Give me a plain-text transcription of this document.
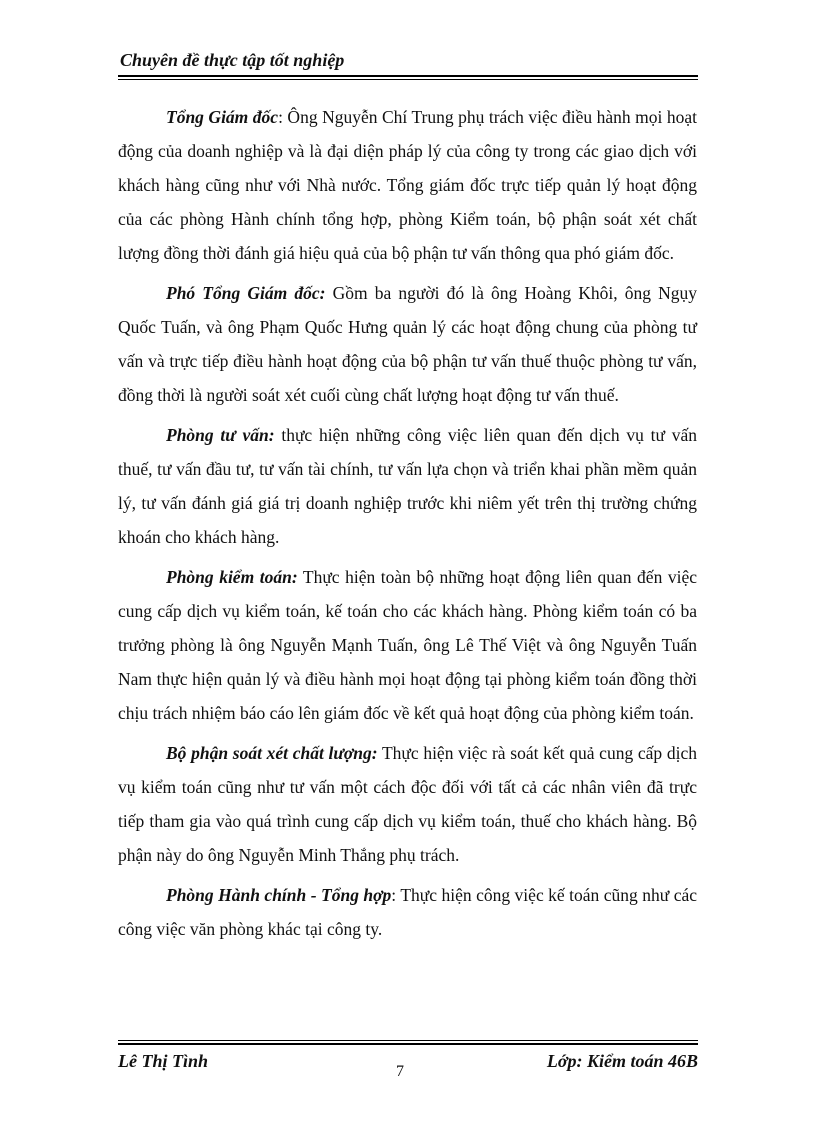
Chuyên đề thực tập tốt nghiệp

Tổng Giám đốc: Ông Nguyễn Chí Trung phụ trách việc điều hành mọi hoạt động của doanh nghiệp và là đại diện pháp lý của công ty trong các giao dịch với khách hàng cũng như với Nhà nước. Tổng giám đốc trực tiếp quản lý hoạt động của các phòng Hành chính tổng hợp, phòng Kiểm toán, bộ phận soát xét chất lượng đồng thời đánh giá hiệu quả của bộ phận tư vấn thông qua phó giám đốc.

Phó Tổng Giám đốc: Gồm ba người đó là ông Hoàng Khôi, ông Ngụy Quốc Tuấn, và ông Phạm Quốc Hưng quản lý các hoạt động chung của phòng tư vấn và trực tiếp điều hành hoạt động của bộ phận tư vấn thuế thuộc phòng tư vấn, đồng thời là người soát xét cuối cùng chất lượng hoạt động tư vấn thuế.

Phòng tư vấn: thực hiện những công việc liên quan đến dịch vụ tư vấn thuế, tư vấn đầu tư, tư vấn tài chính, tư vấn lựa chọn và triển khai phần mềm quản lý, tư vấn đánh giá giá trị doanh nghiệp trước khi niêm yết trên thị trường chứng khoán cho khách hàng.

Phòng kiểm toán: Thực hiện toàn bộ những hoạt động liên quan đến việc cung cấp dịch vụ kiểm toán, kế toán cho các khách hàng. Phòng kiểm toán có ba trưởng phòng là ông Nguyễn Mạnh Tuấn, ông Lê Thế Việt và ông Nguyễn Tuấn Nam thực hiện quản lý và điều hành mọi hoạt động tại phòng kiểm toán đồng thời chịu trách nhiệm báo cáo lên giám đốc về kết quả hoạt động của phòng kiểm toán.

Bộ phận soát xét chất lượng: Thực hiện việc rà soát kết quả cung cấp dịch vụ kiểm toán cũng như tư vấn một cách độc đối với tất cả các nhân viên đã trực tiếp tham gia vào quá trình cung cấp dịch vụ kiểm toán, thuế cho khách hàng. Bộ phận này do ông Nguyễn Minh Thắng phụ trách.

Phòng Hành chính - Tổng hợp: Thực hiện công việc kế toán cũng như các công việc văn phòng khác tại công ty.

Lê Thị Tình
7
Lớp: Kiểm toán 46B
